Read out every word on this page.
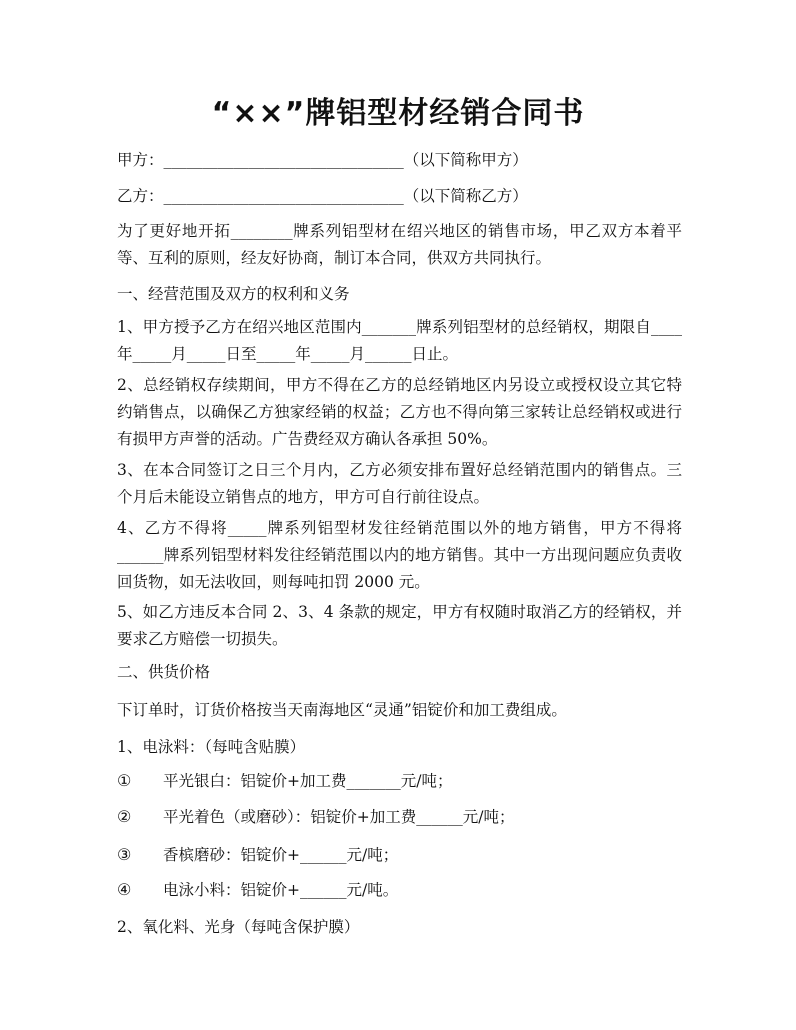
“××”牌铝型材经销合同书
甲方：_______________________________（以下简称甲方）
乙方：_______________________________（以下简称乙方）
为了更好地开拓________牌系列铝型材在绍兴地区的销售市场，甲乙双方本着平等、互利的原则，经友好协商，制订本合同，供双方共同执行。
一、经营范围及双方的权利和义务
1、甲方授予乙方在绍兴地区范围内_______牌系列铝型材的总经销权，期限自____年_____月_____日至_____年_____月______日止。
2、总经销权存续期间，甲方不得在乙方的总经销地区内另设立或授权设立其它特约销售点，以确保乙方独家经销的权益；乙方也不得向第三家转让总经销权或进行有损甲方声誉的活动。广告费经双方确认各承担 50%。
3、在本合同签订之日三个月内，乙方必须安排布置好总经销范围内的销售点。三个月后未能设立销售点的地方，甲方可自行前往设点。
4、乙方不得将_____牌系列铝型材发往经销范围以外的地方销售，甲方不得将______牌系列铝型材料发往经销范围以内的地方销售。其中一方出现问题应负责收回货物，如无法收回，则每吨扣罚 2000 元。
5、如乙方违反本合同 2、3、4 条款的规定，甲方有权随时取消乙方的经销权，并要求乙方赔偿一切损失。
二、供货价格
下订单时，订货价格按当天南海地区“灵通”铝锭价和加工费组成。
1、电泳料：（每吨含贴膜）
① 平光银白：铝锭价+加工费_______元/吨；
② 平光着色（或磨砂）：铝锭价+加工费______元/吨；
③ 香槟磨砂：铝锭价+______元/吨；
④ 电泳小料：铝锭价+______元/吨。
2、氧化料、光身（每吨含保护膜）
